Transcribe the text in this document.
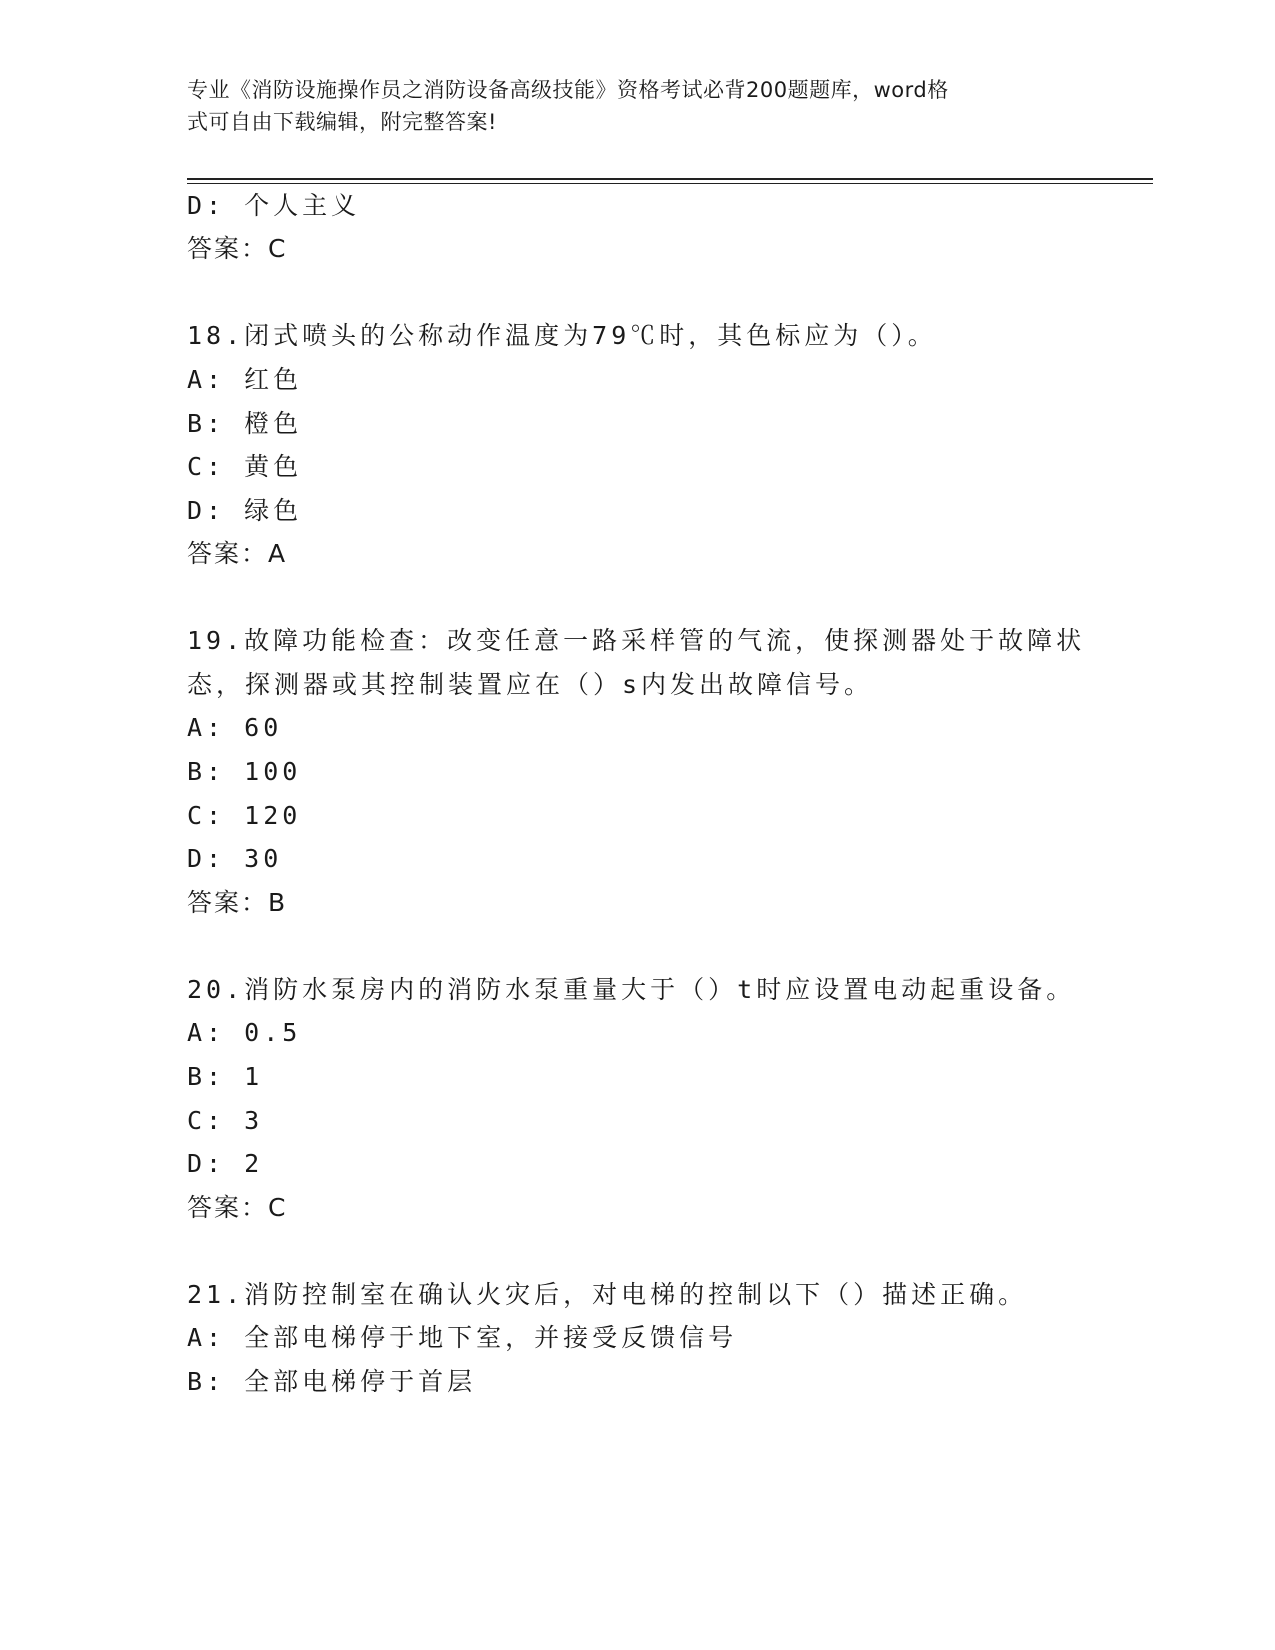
专业《消防设施操作员之消防设备高级技能》资格考试必背200题题库，word格
式可自由下载编辑，附完整答案!
D: 个人主义
答案：C
18.闭式喷头的公称动作温度为79℃时，其色标应为（）。
A: 红色
B: 橙色
C: 黄色
D: 绿色
答案：A
19.故障功能检查：改变任意一路采样管的气流，使探测器处于故障状
态，探测器或其控制装置应在（）s内发出故障信号。
A: 60
B: 100
C: 120
D: 30
答案：B
20.消防水泵房内的消防水泵重量大于（）t时应设置电动起重设备。
A: 0.5
B: 1
C: 3
D: 2
答案：C
21.消防控制室在确认火灾后，对电梯的控制以下（）描述正确。
A: 全部电梯停于地下室，并接受反馈信号
B: 全部电梯停于首层
